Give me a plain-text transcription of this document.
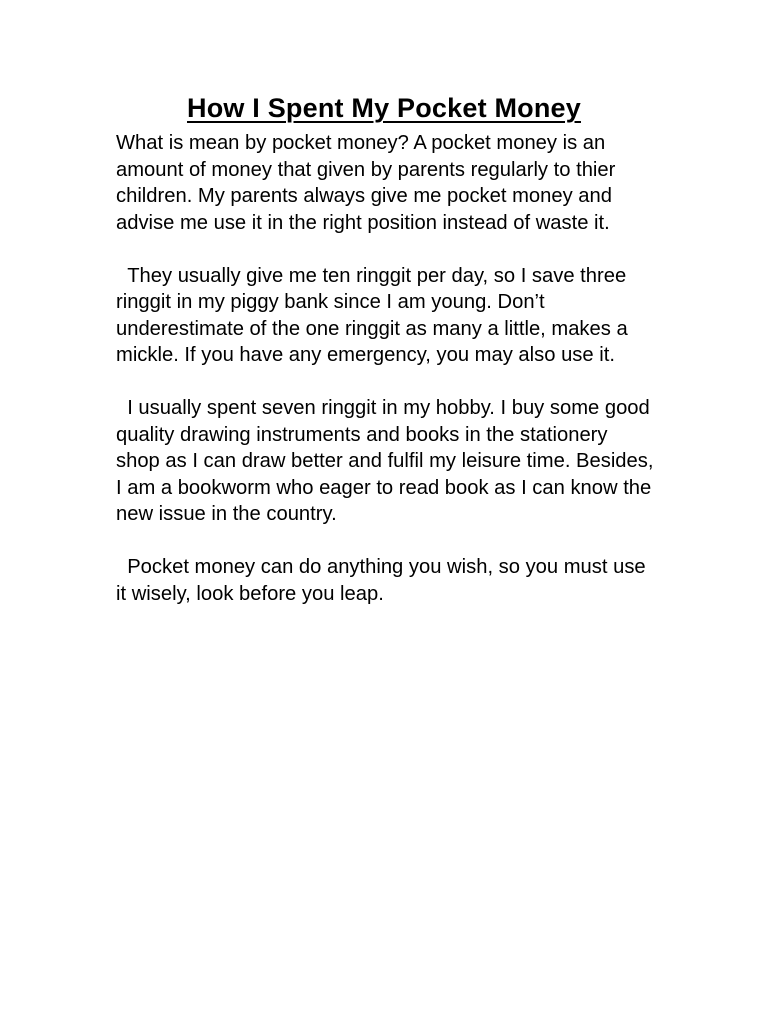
How I Spent My Pocket Money

What is mean by pocket money? A pocket money is an amount of money that given by parents regularly to thier children. My parents always give me pocket money and advise me use it in the right position instead of waste it.

They usually give me ten ringgit per day, so I save three ringgit in my piggy bank since I am young. Don’t underestimate of the one ringgit as many a little, makes a mickle. If you have any emergency, you may also use it.

I usually spent seven ringgit in my hobby. I buy some good quality drawing instruments and books in the stationery shop as I can draw better and fulfil my leisure time. Besides, I am a bookworm who eager to read book as I can know the new issue in the country.

Pocket money can do anything you wish, so you must use it wisely, look before you leap.
